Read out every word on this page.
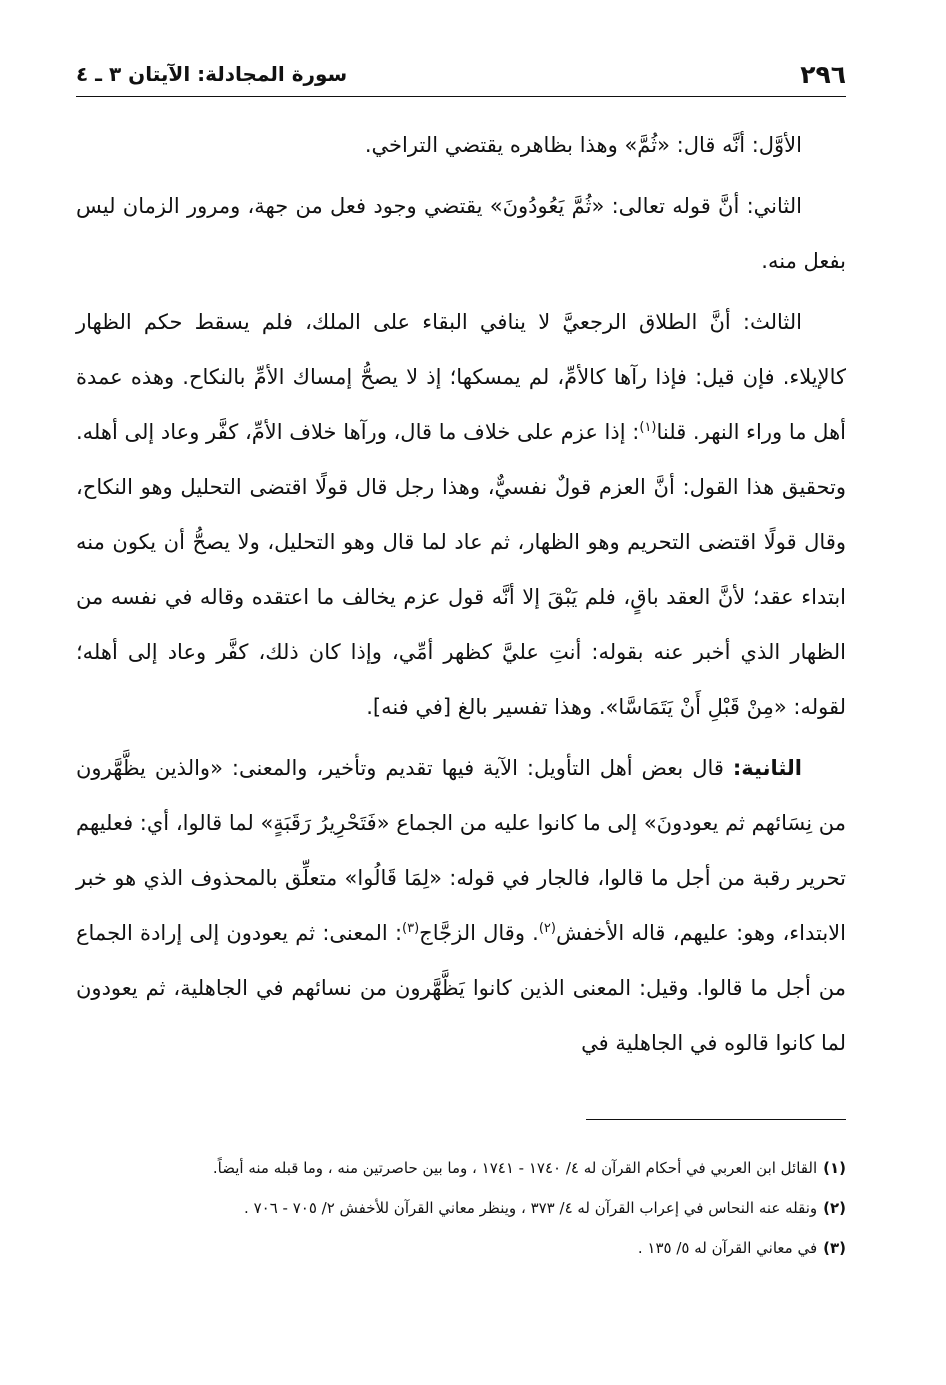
٢٩٦
سورة المجادلة: الآيتان ٣ ـ ٤

الأوَّل: أنَّه قال: «ثُمَّ» وهذا بظاهره يقتضي التراخي.

الثاني: أنَّ قوله تعالى: «ثُمَّ يَعُودُونَ» يقتضي وجود فعل من جهة، ومرور الزمان ليس بفعل منه.

الثالث: أنَّ الطلاق الرجعيَّ لا ينافي البقاء على الملك، فلم يسقط حكم الظهار كالإيلاء. فإن قيل: فإذا رآها كالأمِّ، لم يمسكها؛ إذ لا يصحُّ إمساك الأمِّ بالنكاح. وهذه عمدة أهل ما وراء النهر. قلنا$^{(١)}$: إذا عزم على خلاف ما قال، ورآها خلاف الأمِّ، كفَّر وعاد إلى أهله. وتحقيق هذا القول: أنَّ العزم قولٌ نفسيٌّ، وهذا رجل قال قولًا اقتضى التحليل وهو النكاح، وقال قولًا اقتضى التحريم وهو الظهار، ثم عاد لما قال وهو التحليل، ولا يصحُّ أن يكون منه ابتداء عقد؛ لأنَّ العقد باقٍ، فلم يَبْقَ إلا أنَّه قول عزم يخالف ما اعتقده وقاله في نفسه من الظهار الذي أخبر عنه بقوله: أنتِ عليَّ كظهر أمِّي، وإذا كان ذلك، كفَّر وعاد إلى أهله؛ لقوله: «مِنْ قَبْلِ أَنْ يَتَمَاسَّا». وهذا تفسير بالغ [في فنه].

الثانية: قال بعض أهل التأويل: الآية فيها تقديم وتأخير، والمعنى: «والذين يظَّهَّرون من نِسَائهم ثم يعودونَ» إلى ما كانوا عليه من الجماع «فَتَحْرِيرُ رَقَبَةٍ» لما قالوا، أي: فعليهم تحرير رقبة من أجل ما قالوا، فالجار في قوله: «لِمَا قَالُوا» متعلِّق بالمحذوف الذي هو خبر الابتداء، وهو: عليهم، قاله الأخفش$^{(٢)}$. وقال الزجَّاج$^{(٣)}$: المعنى: ثم يعودون إلى إرادة الجماع من أجل ما قالوا. وقيل: المعنى الذين كانوا يَظَّهَّرون من نسائهم في الجاهلية، ثم يعودون لما كانوا قالوه في الجاهلية في

(١)القائل ابن العربي في أحكام القرآن له ٤/ ١٧٤٠ - ١٧٤١ ، وما بين حاصرتين منه ، وما قبله منه أيضاً.
(٢)ونقله عنه النحاس في إعراب القرآن له ٤/ ٣٧٣ ، وينظر معاني القرآن للأخفش ٢/ ٧٠٥ - ٧٠٦ .
(٣)في معاني القرآن له ٥/ ١٣٥ .
